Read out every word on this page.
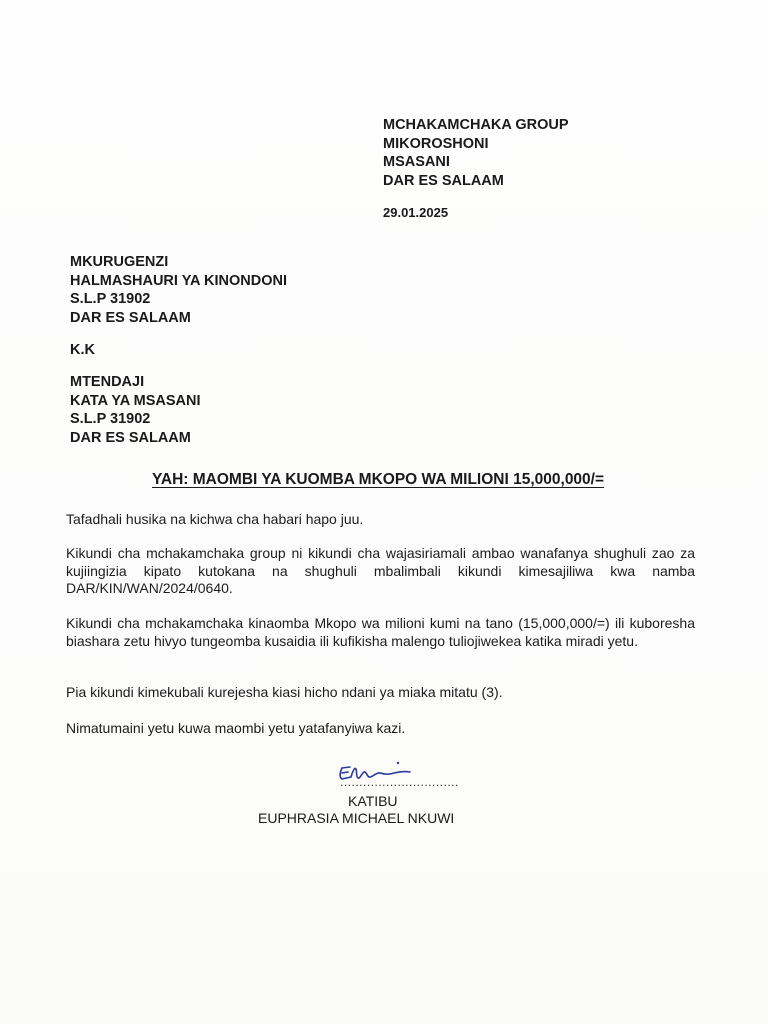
MCHAKAMCHAKA GROUP
MIKOROSHONI
MSASANI
DAR ES SALAAM
29.01.2025
MKURUGENZI
HALMASHAURI YA KINONDONI
S.L.P 31902
DAR ES SALAAM
K.K
MTENDAJI
KATA YA MSASANI
S.L.P 31902
DAR ES SALAAM
YAH: MAOMBI YA KUOMBA MKOPO WA MILIONI 15,000,000/=

Tafadhali husika na kichwa cha habari hapo juu.

Kikundi cha mchakamchaka group ni kikundi cha wajasiriamali ambao wanafanya shughuli zao za kujiingizia kipato kutokana na shughuli mbalimbali kikundi kimesajiliwa kwa namba DAR/KIN/WAN/2024/0640.

Kikundi cha mchakamchaka kinaomba Mkopo wa milioni kumi na tano (15,000,000/=) ili kuboresha biashara zetu hivyo tungeomba kusaidia ili kufikisha malengo tuliojiwekea katika miradi yetu.

Pia kikundi kimekubali kurejesha kiasi hicho ndani ya miaka mitatu (3).

Nimatumaini yetu kuwa maombi yetu yatafanyiwa kazi.

...............................
KATIBU
EUPHRASIA MICHAEL NKUWI
